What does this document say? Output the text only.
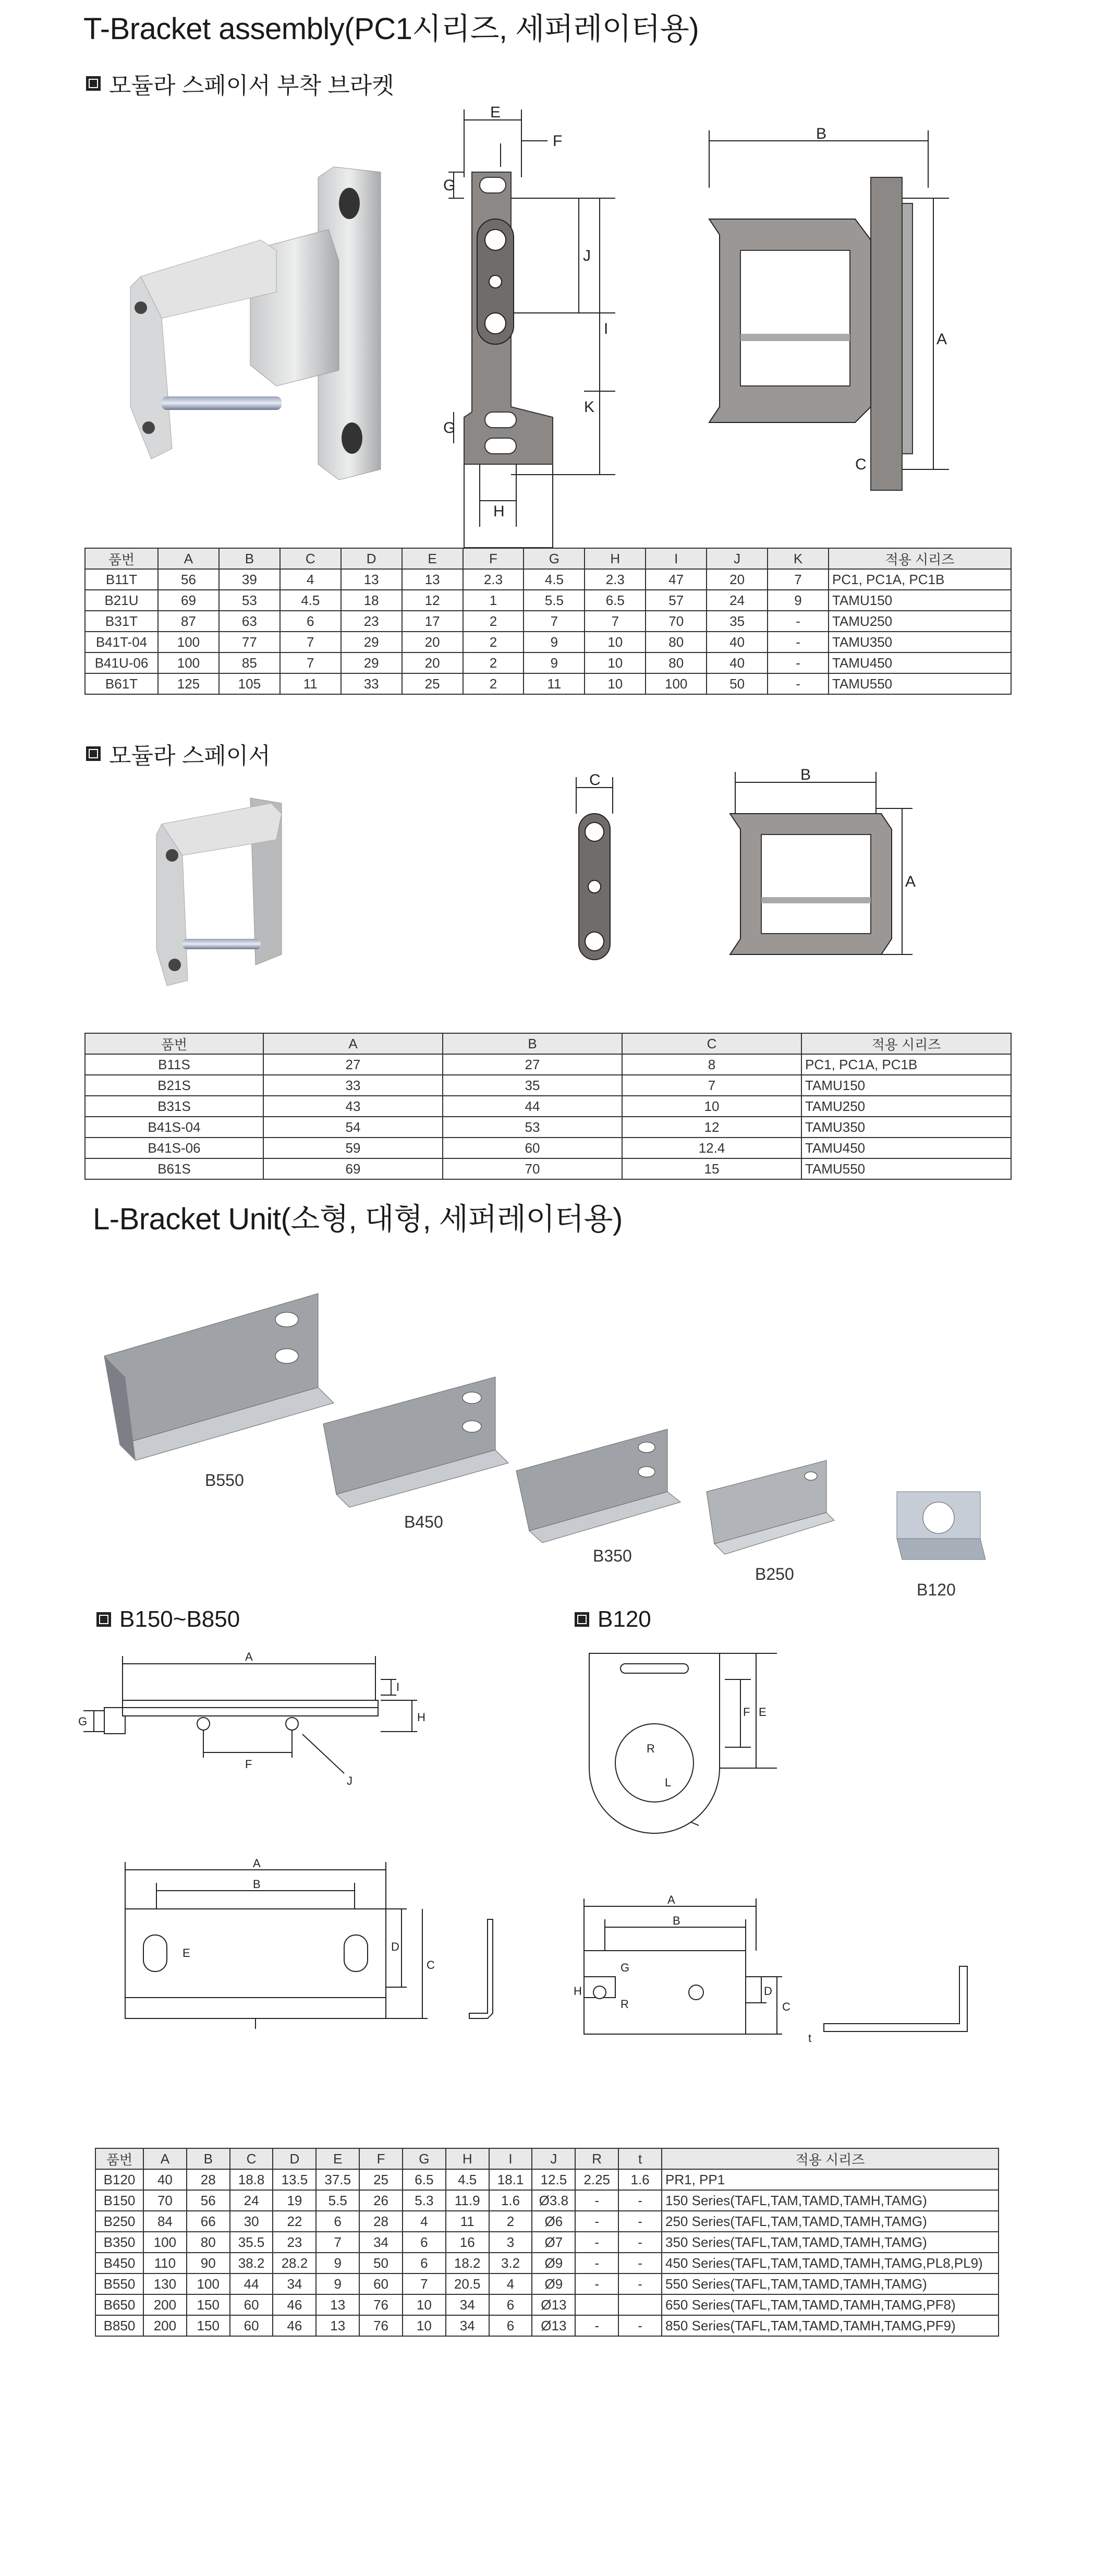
T-Bracket assembly(PC1시리즈, 세퍼레이터용)
모듈라 스페이서 부착 브라켓
E
F
G
J
I
K
G
H
B
A
C
품번	A	B	C	D	E	F	G	H	I	J	K	적용 시리즈
B11T	56	39	4	13	13	2.3	4.5	2.3	47	20	7	PC1, PC1A, PC1B
B21U	69	53	4.5	18	12	1	5.5	6.5	57	24	9	TAMU150
B31T	87	63	6	23	17	2	7	7	70	35	-	TAMU250
B41T-04	100	77	7	29	20	2	9	10	80	40	-	TAMU350
B41U-06	100	85	7	29	20	2	9	10	80	40	-	TAMU450
B61T	125	105	11	33	25	2	11	10	100	50	-	TAMU550
모듈라 스페이서
C	B
A
품번	A	B	C	적용 시리즈
B11S	27	27	8	PC1, PC1A, PC1B
B21S	33	35	7	TAMU150
B31S	43	44	10	TAMU250
B41S-04	54	53	12	TAMU350
B41S-06	59	60	12.4	TAMU450
B61S	69	70	15	TAMU550
L-Bracket Unit(소형, 대형, 세퍼레이터용)
B550
B450
B350
B250
B120
B150~B850	B120
A
I
H
G
F
J
A
B
C
D
E
F E
R
L
A
B
G
H
R	C
D
t
품번	A	B	C	D	E	F	G	H	I	J	R	t	적용 시리즈
B120	40	28	18.8	13.5	37.5	25	6.5	4.5	18.1	12.5	2.25	1.6	PR1, PP1
B150	70	56	24	19	5.5	26	5.3	11.9	1.6	Ø3.8	-	-	150 Series(TAFL,TAM,TAMD,TAMH,TAMG)
B250	84	66	30	22	6	28	4	11	2	Ø6	-	-	250 Series(TAFL,TAM,TAMD,TAMH,TAMG)
B350	100	80	35.5	23	7	34	6	16	3	Ø7	-	-	350 Series(TAFL,TAM,TAMD,TAMH,TAMG)
B450	110	90	38.2	28.2	9	50	6	18.2	3.2	Ø9	-	-	450 Series(TAFL,TAM,TAMD,TAMH,TAMG,PL8,PL9)
B550	130	100	44	34	9	60	7	20.5	4	Ø9	-	-	550 Series(TAFL,TAM,TAMD,TAMH,TAMG)
B650	200	150	60	46	13	76	10	34	6	Ø13			650 Series(TAFL,TAM,TAMD,TAMH,TAMG,PF8)
B850	200	150	60	46	13	76	10	34	6	Ø13	-	-	850 Series(TAFL,TAM,TAMD,TAMH,TAMG,PF9)
